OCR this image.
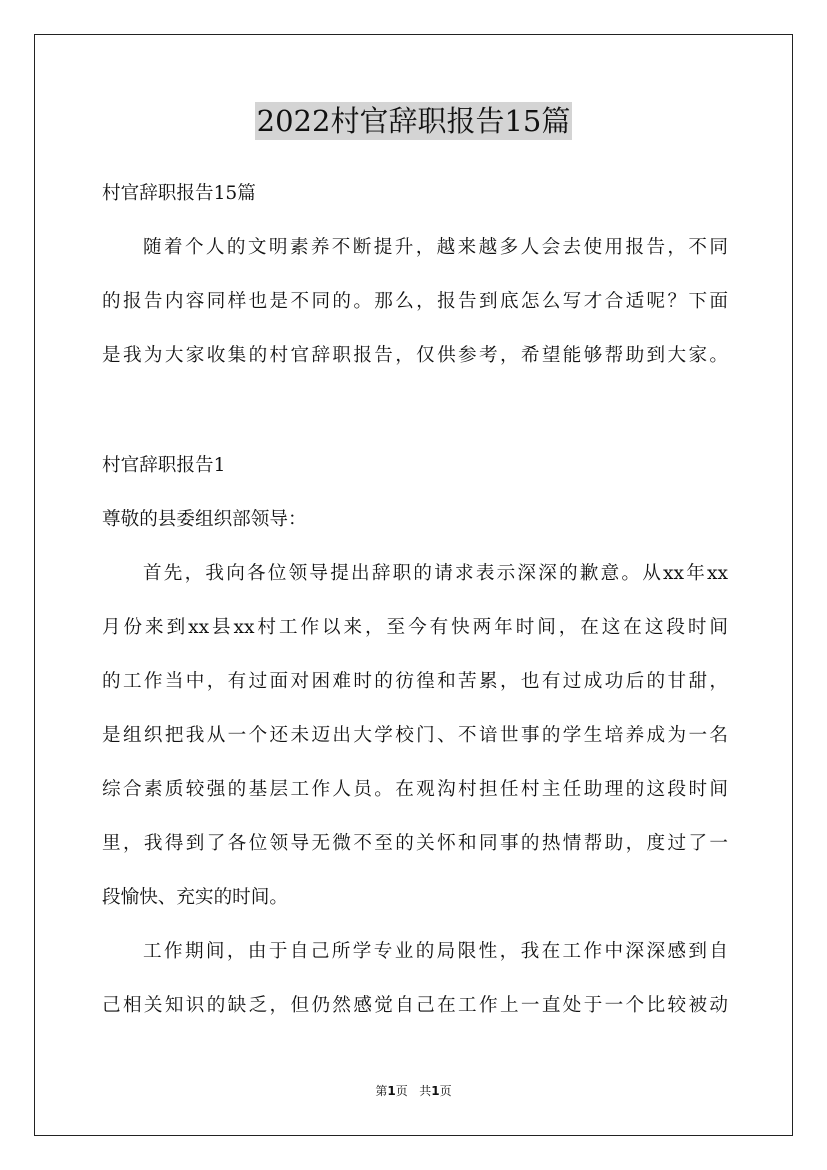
2022村官辞职报告15篇
村官辞职报告15篇
随着个人的文明素养不断提升，越来越多人会去使用报告，不同
的报告内容同样也是不同的。那么，报告到底怎么写才合适呢？下面
是我为大家收集的村官辞职报告，仅供参考，希望能够帮助到大家。
村官辞职报告1
尊敬的县委组织部领导：
首先，我向各位领导提出辞职的请求表示深深的歉意。从xx年xx
月份来到xx县xx村工作以来，至今有快两年时间，在这在这段时间
的工作当中，有过面对困难时的彷徨和苦累，也有过成功后的甘甜，
是组织把我从一个还未迈出大学校门、不谙世事的学生培养成为一名
综合素质较强的基层工作人员。在观沟村担任村主任助理的这段时间
里，我得到了各位领导无微不至的关怀和同事的热情帮助，度过了一
段愉快、充实的时间。
工作期间，由于自己所学专业的局限性，我在工作中深深感到自
己相关知识的缺乏，但仍然感觉自己在工作上一直处于一个比较被动
第1页 共1页
